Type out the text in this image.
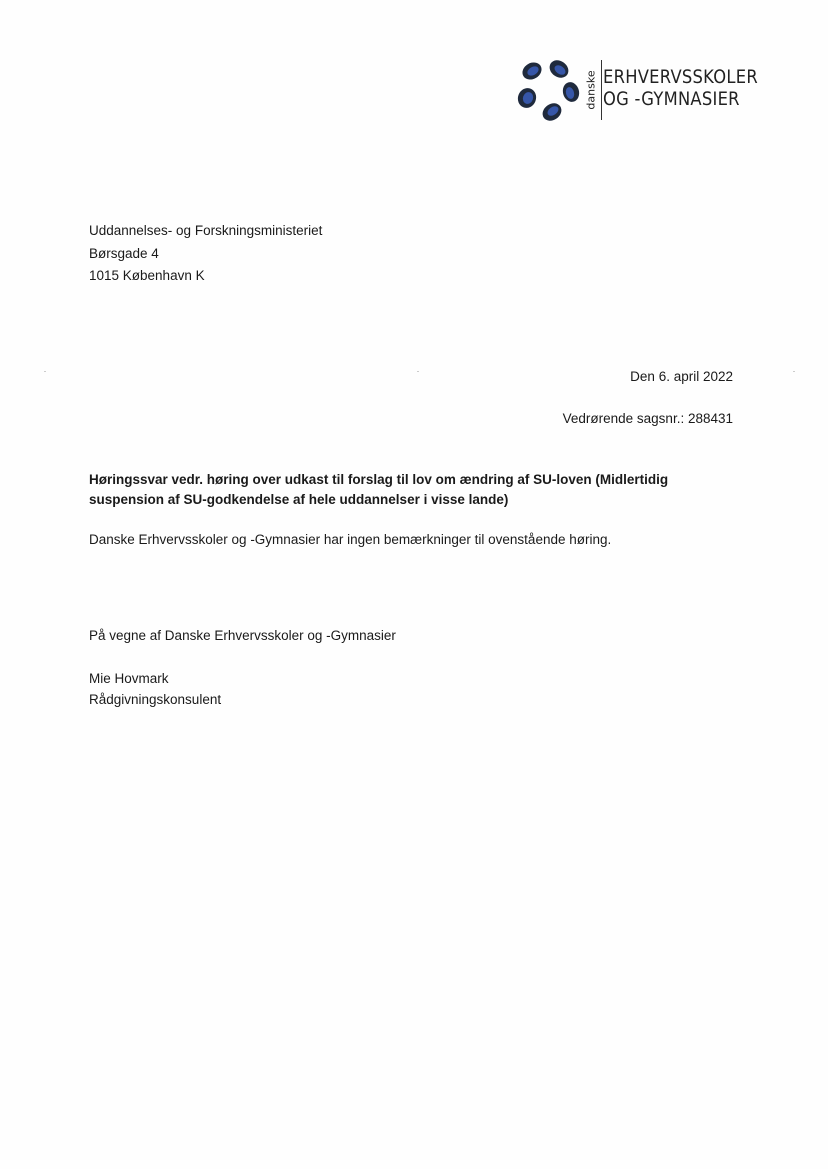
danske ERHVERVSSKOLER
OG -GYMNASIER
Uddannelses- og Forskningsministeriet
Børsgade 4
1015 København K
Den 6. april 2022
Vedrørende sagsnr.: 288431
Høringssvar vedr. høring over udkast til forslag til lov om ændring af SU-loven (Midlertidig suspension af SU-godkendelse af hele uddannelser i visse lande)
Danske Erhvervsskoler og -Gymnasier har ingen bemærkninger til ovenstående høring.
På vegne af Danske Erhvervsskoler og -Gymnasier
Mie Hovmark
Rådgivningskonsulent
